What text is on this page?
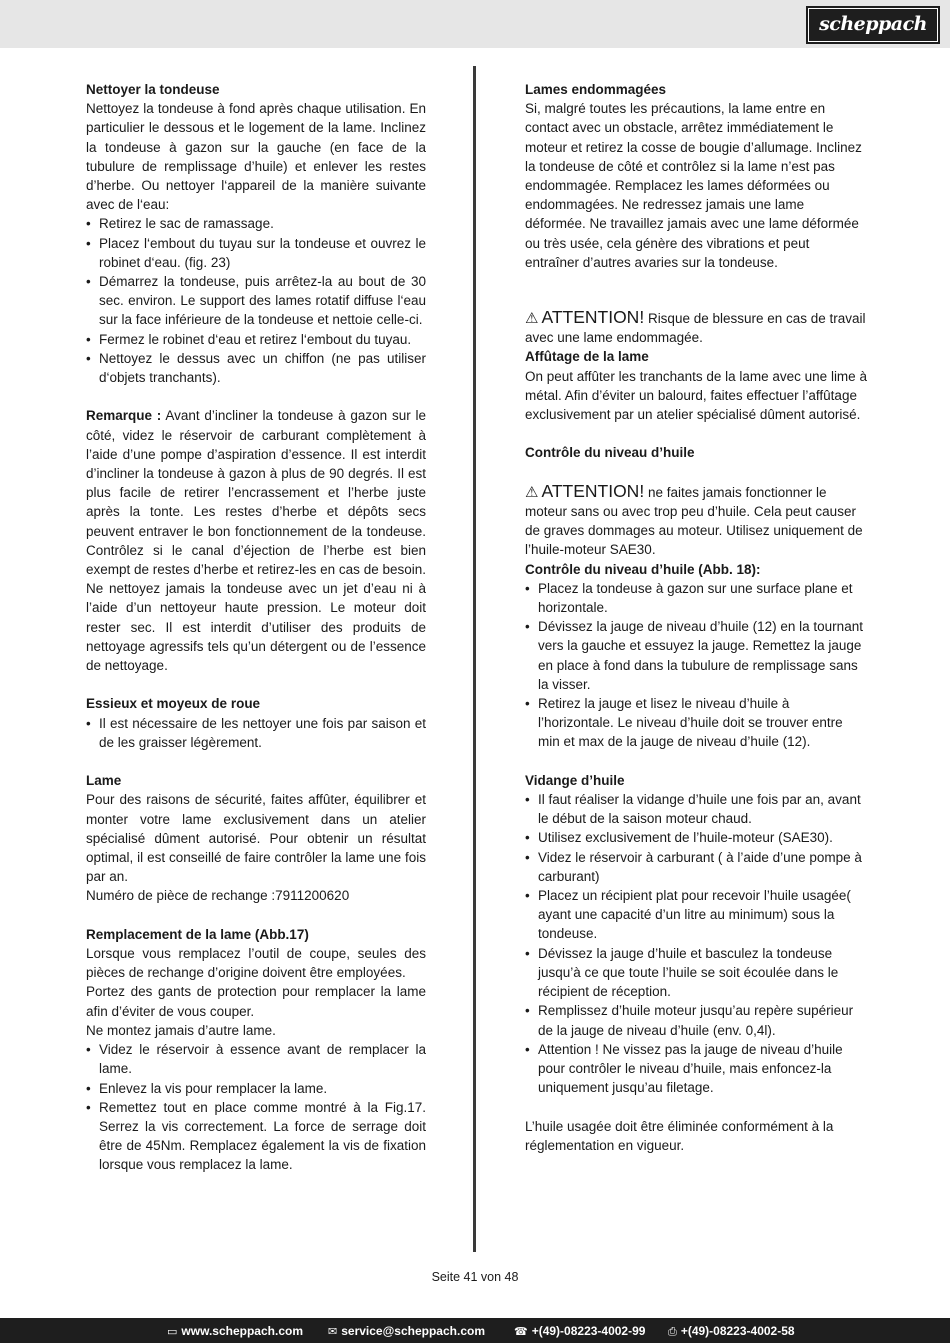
scheppach
Nettoyer la tondeuse
Nettoyez la tondeuse à fond après chaque utilisation. En particulier le dessous et le logement de la lame. Inclinez la tondeuse à gazon sur la gauche (en face de la tubulure de remplissage d’huile) et enlever les restes d’herbe. Ou nettoyer l‘appareil de la manière suivante avec de l‘eau:
• Retirez le sac de ramassage.
• Placez l‘embout du tuyau sur la tondeuse et ouvrez le robinet d‘eau. (fig. 23)
• Démarrez la tondeuse, puis arrêtez-la au bout de 30 sec. environ. Le support des lames rotatif diffuse l‘eau sur la face inférieure de la tondeuse et nettoie celle-ci.
• Fermez le robinet d‘eau et retirez l‘embout du tuyau.
• Nettoyez le dessus avec un chiffon (ne pas utiliser d‘objets tranchants).
Remarque : Avant d’incliner la tondeuse à gazon sur le côté, videz le réservoir de carburant complètement à l’aide d’une pompe d’aspiration d’essence. Il est interdit d’incliner la tondeuse à gazon à plus de 90 degrés. Il est plus facile de retirer l’encrassement et l’herbe juste après la tonte. Les restes d’herbe et dépôts secs peuvent entraver le bon fonctionnement de la tondeuse. Contrôlez si le canal d’éjection de l’herbe est bien exempt de restes d’herbe et retirez-les en cas de besoin. Ne nettoyez jamais la tondeuse avec un jet d’eau ni à l’aide d’un nettoyeur haute pression. Le moteur doit rester sec. Il est interdit d’utiliser des produits de nettoyage agressifs tels qu’un détergent ou de l’essence de nettoyage.
Essieux et moyeux de roue
• Il est nécessaire de les nettoyer une fois par saison et de les graisser légèrement.
Lame
Pour des raisons de sécurité, faites affûter, équilibrer et monter votre lame exclusivement dans un atelier spécialisé dûment autorisé. Pour obtenir un résultat optimal, il est conseillé de faire contrôler la lame une fois par an.
Numéro de pièce de rechange :7911200620
Remplacement de la lame (Abb.17)
Lorsque vous remplacez l’outil de coupe, seules des pièces de rechange d’origine doivent être employées.
Portez des gants de protection pour remplacer la lame afin d’éviter de vous couper.
Ne montez jamais d’autre lame.
• Videz le réservoir à essence avant de remplacer la lame.
• Enlevez la vis pour remplacer la lame.
• Remettez tout en place comme montré à la Fig.17. Serrez la vis correctement. La force de serrage doit être de 45Nm. Remplacez également la vis de fixation lorsque vous remplacez la lame.
Lames endommagées
Si, malgré toutes les précautions, la lame entre en contact avec un obstacle, arrêtez immédiatement le moteur et retirez la cosse de bougie d’allumage. Inclinez la tondeuse de côté et contrôlez si la lame n’est pas endommagée. Remplacez les lames déformées ou endommagées. Ne redressez jamais une lame déformée. Ne travaillez jamais avec une lame déformée ou très usée, cela génère des vibrations et peut entraîner d’autres avaries sur la tondeuse.
⚠ ATTENTION! Risque de blessure en cas de travail avec une lame endommagée.
Affûtage de la lame
On peut affûter les tranchants de la lame avec une lime à métal. Afin d’éviter un balourd, faites effectuer l’affûtage exclusivement par un atelier spécialisé dûment autorisé.
Contrôle du niveau d’huile
⚠ ATTENTION! ne faites jamais fonctionner le moteur sans ou avec trop peu d’huile. Cela peut causer de graves dommages au moteur. Utilisez uniquement de l’huile-moteur SAE30.
Contrôle du niveau d’huile (Abb. 18):
• Placez la tondeuse à gazon sur une surface plane et horizontale.
• Dévissez la jauge de niveau d’huile (12) en la tournant vers la gauche et essuyez la jauge. Remettez la jauge en place à fond dans la tubulure de remplissage sans la visser.
• Retirez la jauge et lisez le niveau d’huile à l’horizontale. Le niveau d’huile doit se trouver entre min et max de la jauge de niveau d’huile (12).
Vidange d’huile
• Il faut réaliser la vidange d’huile une fois par an, avant le début de la saison moteur chaud.
• Utilisez exclusivement de l’huile-moteur (SAE30).
• Videz le réservoir à carburant ( à l’aide d’une pompe à carburant)
• Placez un récipient plat pour recevoir l’huile usagée( ayant une capacité d’un litre au minimum) sous la tondeuse.
• Dévissez la jauge d’huile et basculez la tondeuse jusqu’à ce que toute l’huile se soit écoulée dans le récipient de réception.
• Remplissez d’huile moteur jusqu’au repère supérieur de la jauge de niveau d’huile (env. 0,4l).
• Attention ! Ne vissez pas la jauge de niveau d’huile pour contrôler le niveau d’huile, mais enfoncez-la uniquement jusqu’au filetage.
L’huile usagée doit être éliminée conformément à la réglementation en vigueur.
Seite 41 von 48
▭ www.scheppach.com ✉ service@scheppach.com	☎ +(49)-08223-4002-99 ⎙ +(49)-08223-4002-58
